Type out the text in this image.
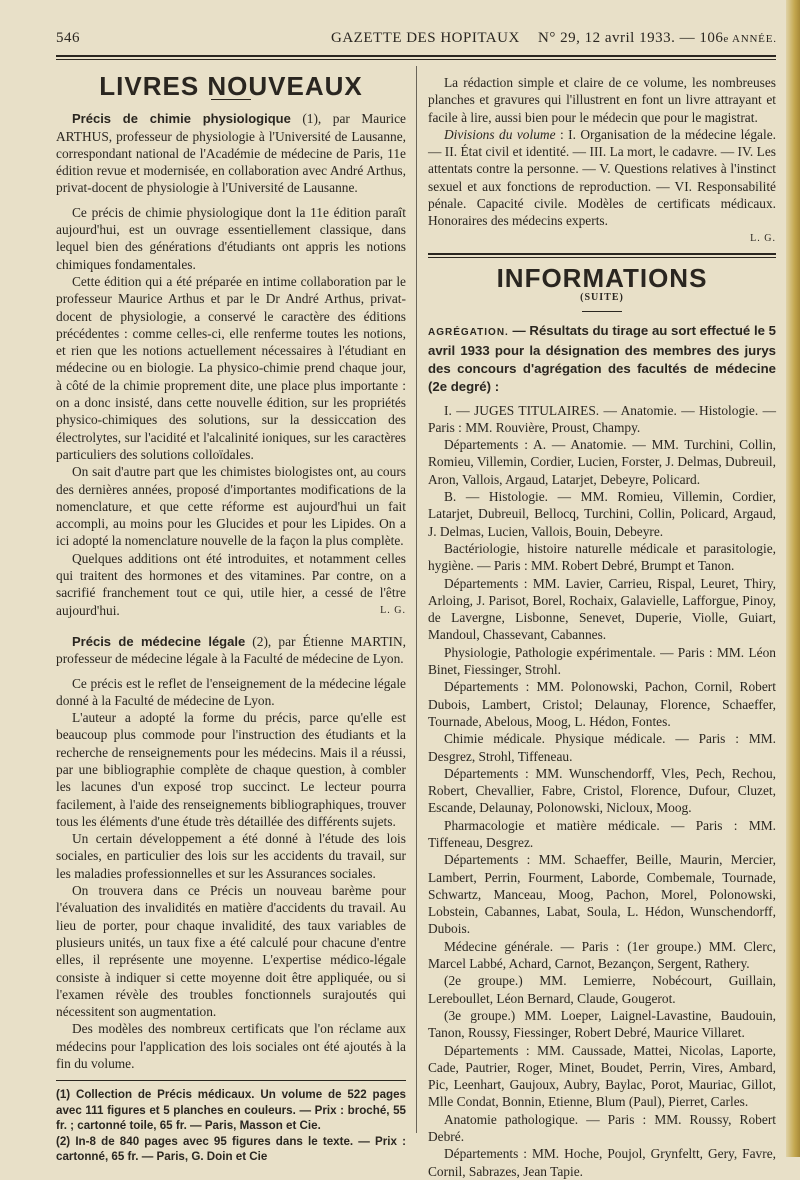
546	GAZETTE DES HOPITAUX N° 29, 12 avril 1933. — 106e ANNÉE.
LIVRES NOUVEAUX

Précis de chimie physiologique (1), par Maurice ARTHUS, professeur de physiologie à l'Université de Lausanne, correspondant national de l'Académie de médecine de Paris, 11e édition revue et modernisée, en collaboration avec André Arthus, privat-docent de physiologie à l'Université de Lausanne.

Ce précis de chimie physiologique dont la 11e édition paraît aujourd'hui, est un ouvrage essentiellement classique, dans lequel bien des générations d'étudiants ont appris les notions chimiques fondamentales.

Cette édition qui a été préparée en intime collaboration par le professeur Maurice Arthus et par le Dr André Arthus, privat-docent de physiologie, a conservé le caractère des éditions précédentes : comme celles-ci, elle renferme toutes les notions, et rien que les notions actuellement nécessaires à l'étudiant en médecine ou en biologie. La physico-chimie prend chaque jour, à côté de la chimie proprement dite, une place plus importante : on a donc insisté, dans cette nouvelle édition, sur les propriétés physico-chimiques des solutions, sur la dessiccation des électrolytes, sur l'acidité et l'alcalinité ioniques, sur les caractères particuliers des solutions colloïdales.

On sait d'autre part que les chimistes biologistes ont, au cours des dernières années, proposé d'importantes modifications de la nomenclature, et que cette réforme est aujourd'hui un fait accompli, au moins pour les Glucides et pour les Lipides. On a ici adopté la nomenclature nouvelle de la façon la plus complète.

Quelques additions ont été introduites, et notamment celles qui traitent des hormones et des vitamines. Par contre, on a sacrifié franchement tout ce qui, utile hier, a cessé de l'être aujourd'hui.	L. G.

Précis de médecine légale (2), par Étienne MARTIN, professeur de médecine légale à la Faculté de médecine de Lyon.

Ce précis est le reflet de l'enseignement de la médecine légale donné à la Faculté de médecine de Lyon.

L'auteur a adopté la forme du précis, parce qu'elle est beaucoup plus commode pour l'instruction des étudiants et la recherche de renseignements pour les médecins. Mais il a réussi, par une bibliographie complète de chaque question, à combler les lacunes d'un exposé trop succinct. Le lecteur pourra facilement, à l'aide des renseignements bibliographiques, trouver tous les éléments d'une étude très détaillée des différents sujets.

Un certain développement a été donné à l'étude des lois sociales, en particulier des lois sur les accidents du travail, sur les maladies professionnelles et sur les Assurances sociales.

On trouvera dans ce Précis un nouveau barème pour l'évaluation des invalidités en matière d'accidents du travail. Au lieu de porter, pour chaque invalidité, des taux variables de plusieurs unités, un taux fixe a été calculé pour chacune d'entre elles, il représente une moyenne. L'expertise médico-légale consiste à indiquer si cette moyenne doit être appliquée, ou si l'examen révèle des troubles fonctionnels surajoutés qui nécessitent son augmentation.

Des modèles des nombreux certificats que l'on réclame aux médecins pour l'application des lois sociales ont été ajoutés à la fin du volume.

(1) Collection de Précis médicaux. Un volume de 522 pages avec 111 figures et 5 planches en couleurs. — Prix : broché, 55 fr. ; cartonné toile, 65 fr. — Paris, Masson et Cie.

(2) In-8 de 840 pages avec 95 figures dans le texte. — Prix : cartonné, 65 fr. — Paris, G. Doin et Cie

La rédaction simple et claire de ce volume, les nombreuses planches et gravures qui l'illustrent en font un livre attrayant et facile à lire, aussi bien pour le médecin que pour le magistrat.

Divisions du volume : I. Organisation de la médecine légale. — II. État civil et identité. — III. La mort, le cadavre. — IV. Les attentats contre la personne. — V. Questions relatives à l'instinct sexuel et aux fonctions de reproduction. — VI. Responsabilité pénale. Capacité civile. Modèles de certificats médicaux. Honoraires des médecins experts.

L. G.

INFORMATIONS
(SUITE)

AGRÉGATION. — Résultats du tirage au sort effectué le 5 avril 1933 pour la désignation des membres des jurys des concours d'agrégation des facultés de médecine (2e degré) :

I. — JUGES TITULAIRES. — Anatomie. — Histologie. — Paris : MM. Rouvière, Proust, Champy.

Départements : A. — Anatomie. — MM. Turchini, Collin, Romieu, Villemin, Cordier, Lucien, Forster, J. Delmas, Dubreuil, Aron, Vallois, Argaud, Latarjet, Debeyre, Policard.

B. — Histologie. — MM. Romieu, Villemin, Cordier, Latarjet, Dubreuil, Bellocq, Turchini, Collin, Policard, Argaud, J. Delmas, Lucien, Vallois, Bouin, Debeyre.

Bactériologie, histoire naturelle médicale et parasitologie, hygiène. — Paris : MM. Robert Debré, Brumpt et Tanon.

Départements : MM. Lavier, Carrieu, Rispal, Leuret, Thiry, Arloing, J. Parisot, Borel, Rochaix, Galavielle, Lafforgue, Pinoy, de Lavergne, Lisbonne, Senevet, Duperie, Violle, Guiart, Mandoul, Chassevant, Cabannes.

Physiologie, Pathologie expérimentale. — Paris : MM. Léon Binet, Fiessinger, Strohl.

Départements : MM. Polonowski, Pachon, Cornil, Robert Dubois, Lambert, Cristol; Delaunay, Florence, Schaeffer, Tournade, Abelous, Moog, L. Hédon, Fontes.

Chimie médicale. Physique médicale. — Paris : MM. Desgrez, Strohl, Tiffeneau.

Départements : MM. Wunschendorff, Vles, Pech, Rechou, Robert, Chevallier, Fabre, Cristol, Florence, Dufour, Cluzet, Escande, Delaunay, Polonowski, Nicloux, Moog.

Pharmacologie et matière médicale. — Paris : MM. Tiffeneau, Desgrez.

Départements : MM. Schaeffer, Beille, Maurin, Mercier, Lambert, Perrin, Fourment, Laborde, Combemale, Tournade, Schwartz, Manceau, Moog, Pachon, Morel, Polonowski, Lobstein, Cabannes, Labat, Soula, L. Hédon, Wunschendorff, Dubois.

Médecine générale. — Paris : (1er groupe.) MM. Clerc, Marcel Labbé, Achard, Carnot, Bezançon, Sergent, Rathery.

(2e groupe.) MM. Lemierre, Nobécourt, Guillain, Lereboullet, Léon Bernard, Claude, Gougerot.

(3e groupe.) MM. Loeper, Laignel-Lavastine, Baudouin, Tanon, Roussy, Fiessinger, Robert Debré, Maurice Villaret.

Départements : MM. Caussade, Mattei, Nicolas, Laporte, Cade, Pautrier, Roger, Minet, Boudet, Perrin, Vires, Ambard, Pic, Leenhart, Gaujoux, Aubry, Baylac, Porot, Mauriac, Gillot, Mlle Condat, Bonnin, Etienne, Blum (Paul), Pierret, Carles.

Anatomie pathologique. — Paris : MM. Roussy, Robert Debré.

Départements : MM. Hoche, Poujol, Grynfeltt, Gery, Favre, Cornil, Sabrazes, Jean Tapie.
